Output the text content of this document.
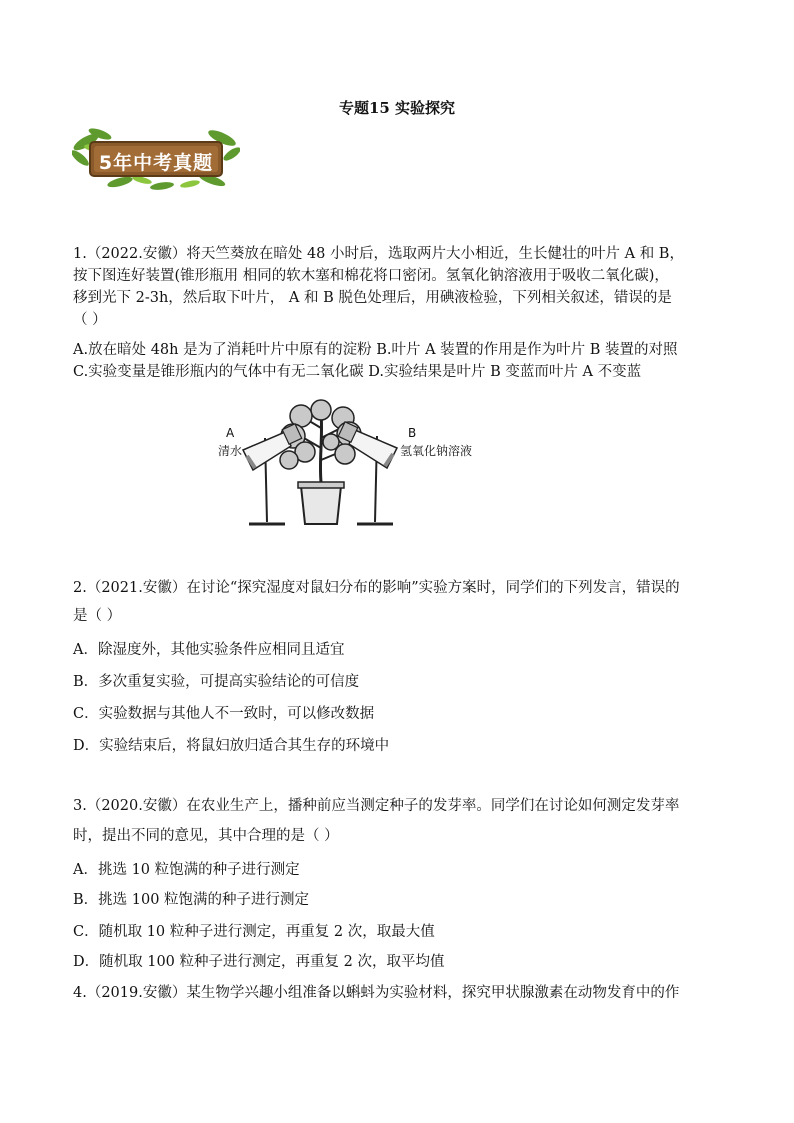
专题15 实验探究
5年中考真题
1.（2022.安徽）将天竺葵放在暗处 48 小时后，选取两片大小相近，生长健壮的叶片 A 和 B，
按下图连好装置(锥形瓶用 相同的软木塞和棉花将口密闭。氢氧化钠溶液用于吸收二氧化碳)，
移到光下 2-3h，然后取下叶片， A 和 B 脱色处理后，用碘液检验，下列相关叙述，错误的是
（ ）
A.放在暗处 48h 是为了消耗叶片中原有的淀粉 B.叶片 A 装置的作用是作为叶片 B 装置的对照
C.实验变量是锥形瓶内的气体中有无二氧化碳 D.实验结果是叶片 B 变蓝而叶片 A 不变蓝
A
清水
B
氢氧化钠溶液
2.（2021.安徽）在讨论“探究湿度对鼠妇分布的影响”实验方案时，同学们的下列发言，错误的
是（ ）
A．除湿度外，其他实验条件应相同且适宜
B．多次重复实验，可提高实验结论的可信度
C．实验数据与其他人不一致时，可以修改数据
D．实验结束后，将鼠妇放归适合其生存的环境中
3.（2020.安徽）在农业生产上，播种前应当测定种子的发芽率。同学们在讨论如何测定发芽率
时，提出不同的意见，其中合理的是（ ）
A．挑选 10 粒饱满的种子进行测定
B．挑选 100 粒饱满的种子进行测定
C．随机取 10 粒种子进行测定，再重复 2 次，取最大值
D．随机取 100 粒种子进行测定，再重复 2 次，取平均值
4.（2019.安徽）某生物学兴趣小组准备以蝌蚪为实验材料，探究甲状腺激素在动物发育中的作
